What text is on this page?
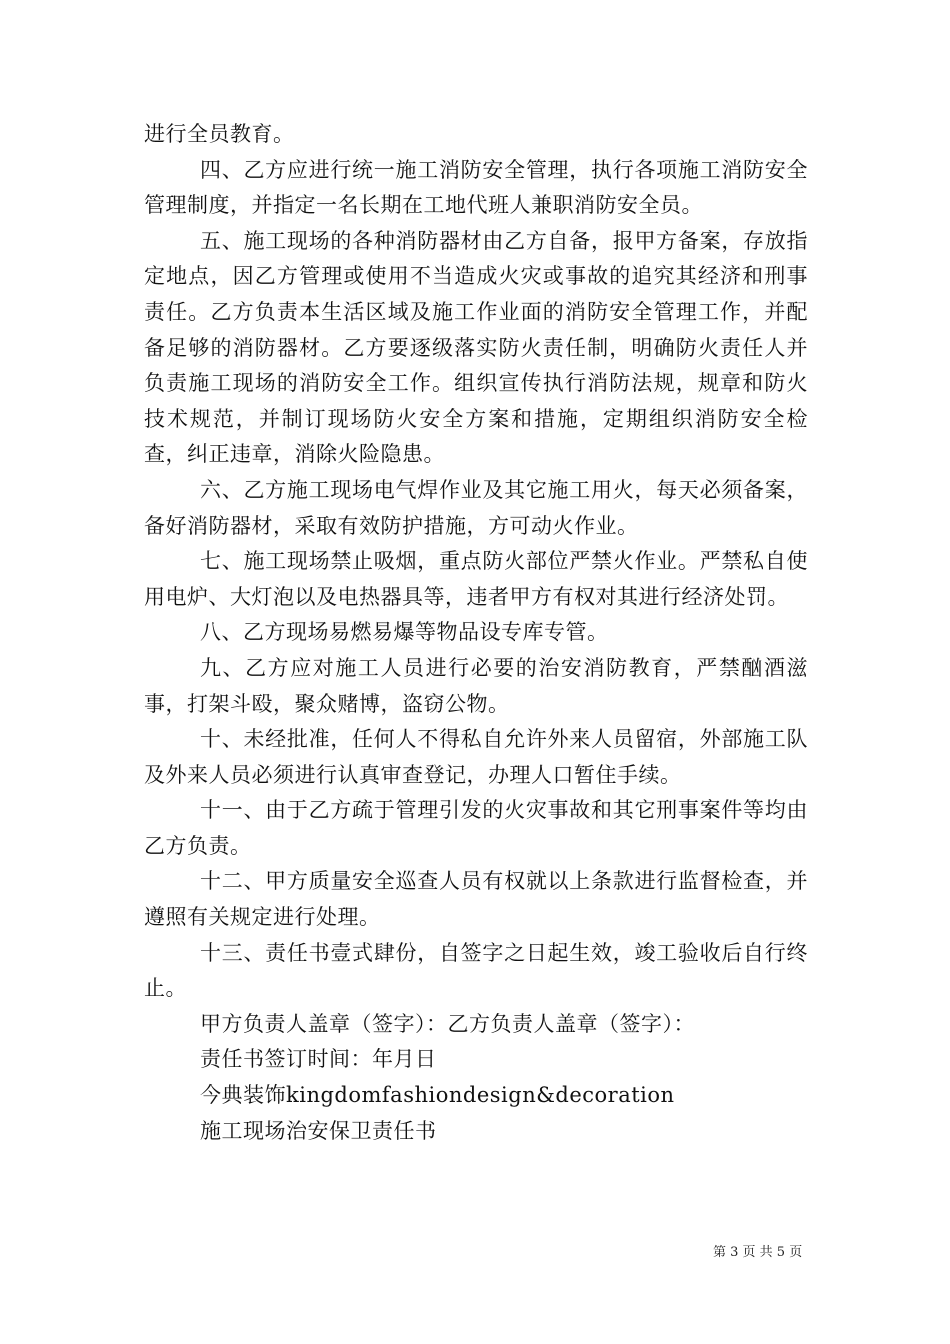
进行全员教育。

四、乙方应进行统一施工消防安全管理，执行各项施工消防安全管理制度，并指定一名长期在工地代班人兼职消防安全员。

五、施工现场的各种消防器材由乙方自备，报甲方备案，存放指定地点，因乙方管理或使用不当造成火灾或事故的追究其经济和刑事责任。乙方负责本生活区域及施工作业面的消防安全管理工作，并配备足够的消防器材。乙方要逐级落实防火责任制，明确防火责任人并负责施工现场的消防安全工作。组织宣传执行消防法规，规章和防火技术规范，并制订现场防火安全方案和措施，定期组织消防安全检查，纠正违章，消除火险隐患。

六、乙方施工现场电气焊作业及其它施工用火，每天必须备案，备好消防器材，采取有效防护措施，方可动火作业。

七、施工现场禁止吸烟，重点防火部位严禁火作业。严禁私自使用电炉、大灯泡以及电热器具等，违者甲方有权对其进行经济处罚。

八、乙方现场易燃易爆等物品设专库专管。

九、乙方应对施工人员进行必要的治安消防教育，严禁酗酒滋事，打架斗殴，聚众赌博，盗窃公物。

十、未经批准，任何人不得私自允许外来人员留宿，外部施工队及外来人员必须进行认真审查登记，办理人口暂住手续。

十一、由于乙方疏于管理引发的火灾事故和其它刑事案件等均由乙方负责。

十二、甲方质量安全巡查人员有权就以上条款进行监督检查，并遵照有关规定进行处理。

十三、责任书壹式肆份，自签字之日起生效，竣工验收后自行终止。

甲方负责人盖章（签字）：乙方负责人盖章（签字）：

责任书签订时间：年月日

今典装饰kingdomfashiondesign&decoration

施工现场治安保卫责任书

第 3 页 共 5 页
